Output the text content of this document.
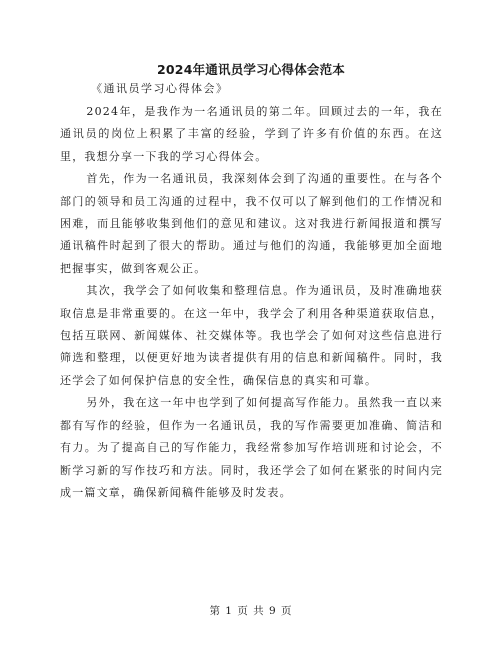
2024年通讯员学习心得体会范本
《通讯员学习心得体会》

2024年，是我作为一名通讯员的第二年。回顾过去的一年，我在通讯员的岗位上积累了丰富的经验，学到了许多有价值的东西。在这里，我想分享一下我的学习心得体会。

首先，作为一名通讯员，我深刻体会到了沟通的重要性。在与各个部门的领导和员工沟通的过程中，我不仅可以了解到他们的工作情况和困难，而且能够收集到他们的意见和建议。这对我进行新闻报道和撰写通讯稿件时起到了很大的帮助。通过与他们的沟通，我能够更加全面地把握事实，做到客观公正。

其次，我学会了如何收集和整理信息。作为通讯员，及时准确地获取信息是非常重要的。在这一年中，我学会了利用各种渠道获取信息，包括互联网、新闻媒体、社交媒体等。我也学会了如何对这些信息进行筛选和整理，以便更好地为读者提供有用的信息和新闻稿件。同时，我还学会了如何保护信息的安全性，确保信息的真实和可靠。

另外，我在这一年中也学到了如何提高写作能力。虽然我一直以来都有写作的经验，但作为一名通讯员，我的写作需要更加准确、简洁和有力。为了提高自己的写作能力，我经常参加写作培训班和讨论会，不断学习新的写作技巧和方法。同时，我还学会了如何在紧张的时间内完成一篇文章，确保新闻稿件能够及时发表。

第 1 页 共 9 页
